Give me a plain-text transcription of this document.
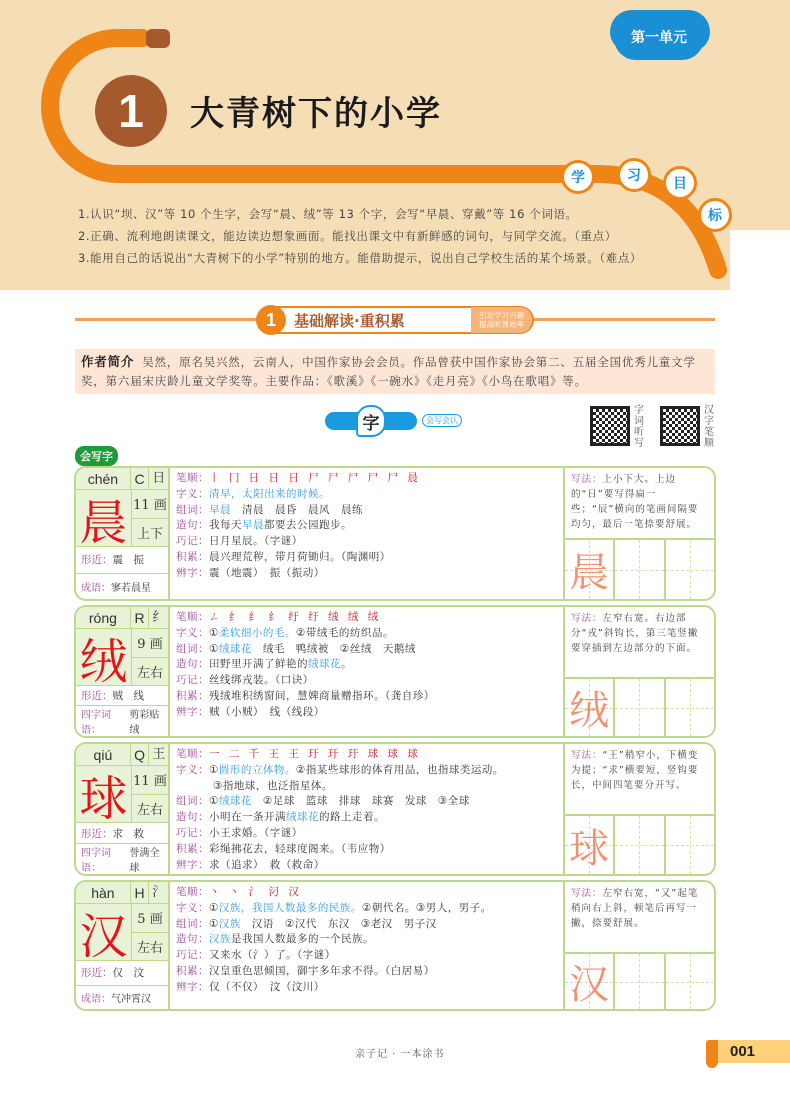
1	大青树下的小学
第一单元
学	习	目
标
1.认识“坝、汉”等 10 个生字，会写“晨、绒”等 13 个字，会写“早晨、穿戴”等 16 个词语。
2.正确、流利地朗读课文，能边读边想象画面。能找出课文中有新鲜感的词句，与同学交流。（重点）
3.能用自己的话说出“大青树下的小学”特别的地方。能借助提示，说出自己学校生活的某个场景。（难点）
1	基础解读·重积累	引发学习兴趣
提高听课效率
作者简介 吴然，原名吴兴然，云南人，中国作家协会会员。作品曾获中国作家协会第二、五届全国优秀儿童文学奖，第六届宋庆龄儿童文学奖等。主要作品：《歌溪》《一碗水》《走月亮》《小鸟在歌唱》等。
字	会写会认
字词听写
汉字笔顺
会写字
chén	C 日
晨 11 画
上下
形近： 震　振
成语： 寥若晨星
笔顺：丨 冂 日 日 日 尸 尸 尸 尸 尸 晨
字义：清早，太阳出来的时候。
组词：早晨　清晨　晨昏　晨风　晨练
造句：我每天早晨都要去公园跑步。
巧记：日月星辰。（字谜）
积累：晨兴理荒秽，带月荷锄归。（陶渊明）
辨字：震（地震）　振（振动）
写法：上小下大。上边的“日”要写得扁一些；“辰”横向的笔画间隔要均匀，最后一笔捺要舒展。
晨
róng	R 纟
绒 9 画
左右
形近： 贼　线
四字词语：
剪彩贴绒
笔顺：ㄥ 纟 纟 纟 纡 纡 绒 绒 绒
字义：①柔软细小的毛。②带绒毛的纺织品。
组词：①绒球花　绒毛　鸭绒被　②丝绒　天鹅绒
造句：田野里开满了鲜艳的绒球花。
巧记：丝线绑戎装。（口诀）
积累：残绒堆积绣窗间，慧婢商量赠指环。（龚自珍）
辨字：贼（小贼）　线（线段）
写法：左窄右宽。右边部分“戎”斜钩长，第三笔竖撇要穿插到左边部分的下面。
绒
qiú	Q 王
球 11 画
左右
形近： 求　救
四字词语：
誉满全球
笔顺：一 二 千 王 王 玗 玗 玗 球 球 球
字义：①圆形的立体物。②指某些球形的体育用品，也指球类运动。
③指地球，也泛指星体。
组词：①绒球花　②足球　篮球　排球　球赛　发球　③全球
造句：小明在一条开满绒球花的路上走着。
巧记：小王求婚。（字谜）
积累：彩绳拂花去，轻球度阁来。（韦应物）
辨字：求（追求）　救（救命）
写法：“王”稍窄小，下横变为提；“求”横要短，竖钩要长，中间四笔要分开写。
球
hàn	H 氵
汉 5 画
左右
形近： 仅　汶
成语： 气冲霄汉
笔顺：丶 丶 氵 汈 汉
字义：①汉族，我国人数最多的民族。②朝代名。③男人，男子。
组词：①汉族　汉语　②汉代　东汉　③老汉　男子汉
造句：汉族是我国人数最多的一个民族。
巧记：又来水（氵）了。（字谜）
积累：汉皇重色思倾国，御宇多年求不得。（白居易）
辨字：仅（不仅）　汶（汶川）
写法：左窄右宽，“又”起笔稍向右上斜，顿笔后再写一撇，捺要舒展。
汉
亲子记 · 一本涂书	001
